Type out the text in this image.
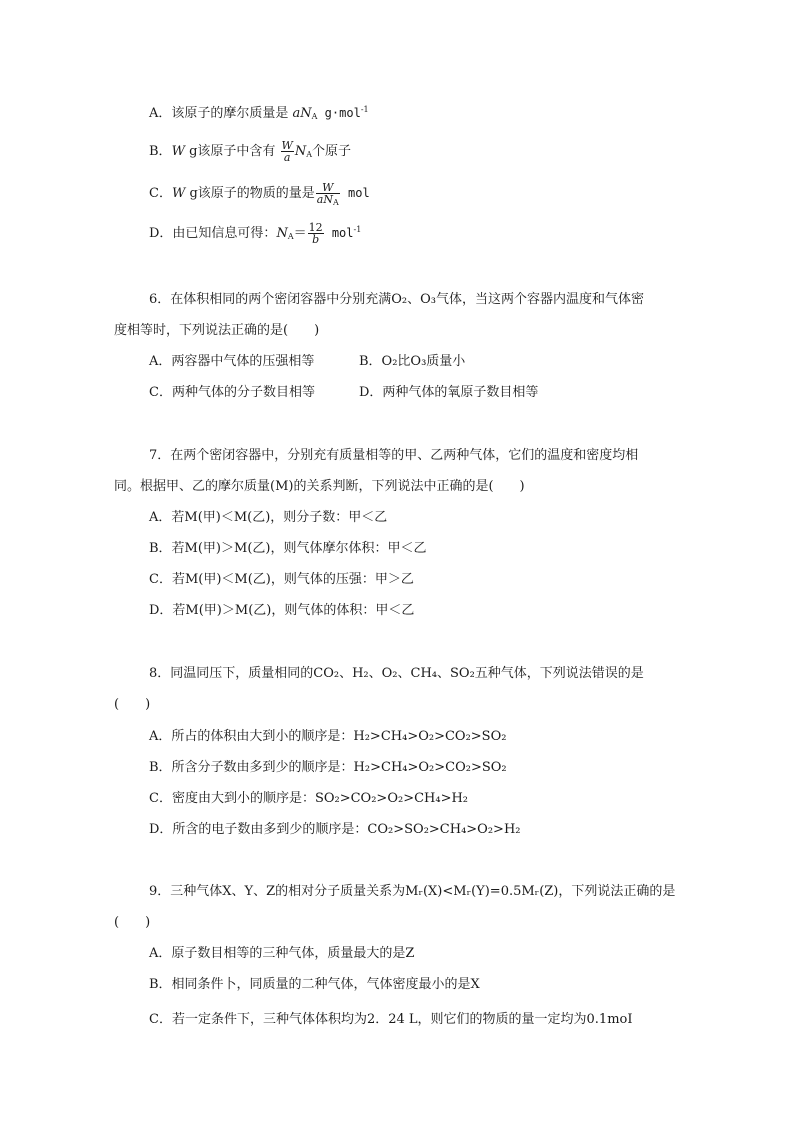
A．该原子的摩尔质量是 $aN_A$ g·mol$^{-1}$
B．W g该原子中含有 $\frac{W}{a} N_A$个原子
C．W g该原子的物质的量是 $\frac{W}{aN_A}$ mol
D．由已知信息可得：$N_A= \frac{12}{b} mol^{-1}$
6．在体积相同的两个密闭容器中分别充满O₂、O₃气体，当这两个容器内温度和气体密
度相等时，下列说法正确的是(　　)
A．两容器中气体的压强相等	B．O₂比O₃质量小
C．两种气体的分子数目相等	D．两种气体的氧原子数目相等
7．在两个密闭容器中，分别充有质量相等的甲、乙两种气体，它们的温度和密度均相
同。根据甲、乙的摩尔质量(M)的关系判断，下列说法中正确的是(　　)
A．若M(甲)＜M(乙)，则分子数：甲＜乙
B．若M(甲)＞M(乙)，则气体摩尔体积：甲＜乙
C．若M(甲)＜M(乙)，则气体的压强：甲＞乙
D．若M(甲)＞M(乙)，则气体的体积：甲＜乙
8．同温同压下，质量相同的CO₂、H₂、O₂、CH₄、SO₂五种气体，下列说法错误的是
(　　)
A．所占的体积由大到小的顺序是：H₂>CH₄>O₂>CO₂>SO₂
B．所含分子数由多到少的顺序是：H₂>CH₄>O₂>CO₂>SO₂
C．密度由大到小的顺序是：SO₂>CO₂>O₂>CH₄>H₂
D．所含的电子数由多到少的顺序是：CO₂>SO₂>CH₄>O₂>H₂
9．三种气体X、Y、Z的相对分子质量关系为Mᵣ(X)<Mᵣ(Y)=0.5Mᵣ(Z)，下列说法正确的是
(　　)
A．原子数目相等的三种气体，质量最大的是Z
B．相同条件卜，同质量的二种气体，气体密度最小的是X
C．若一定条件下，三种气体体积均为2．24 L，则它们的物质的量一定均为0.1moI
